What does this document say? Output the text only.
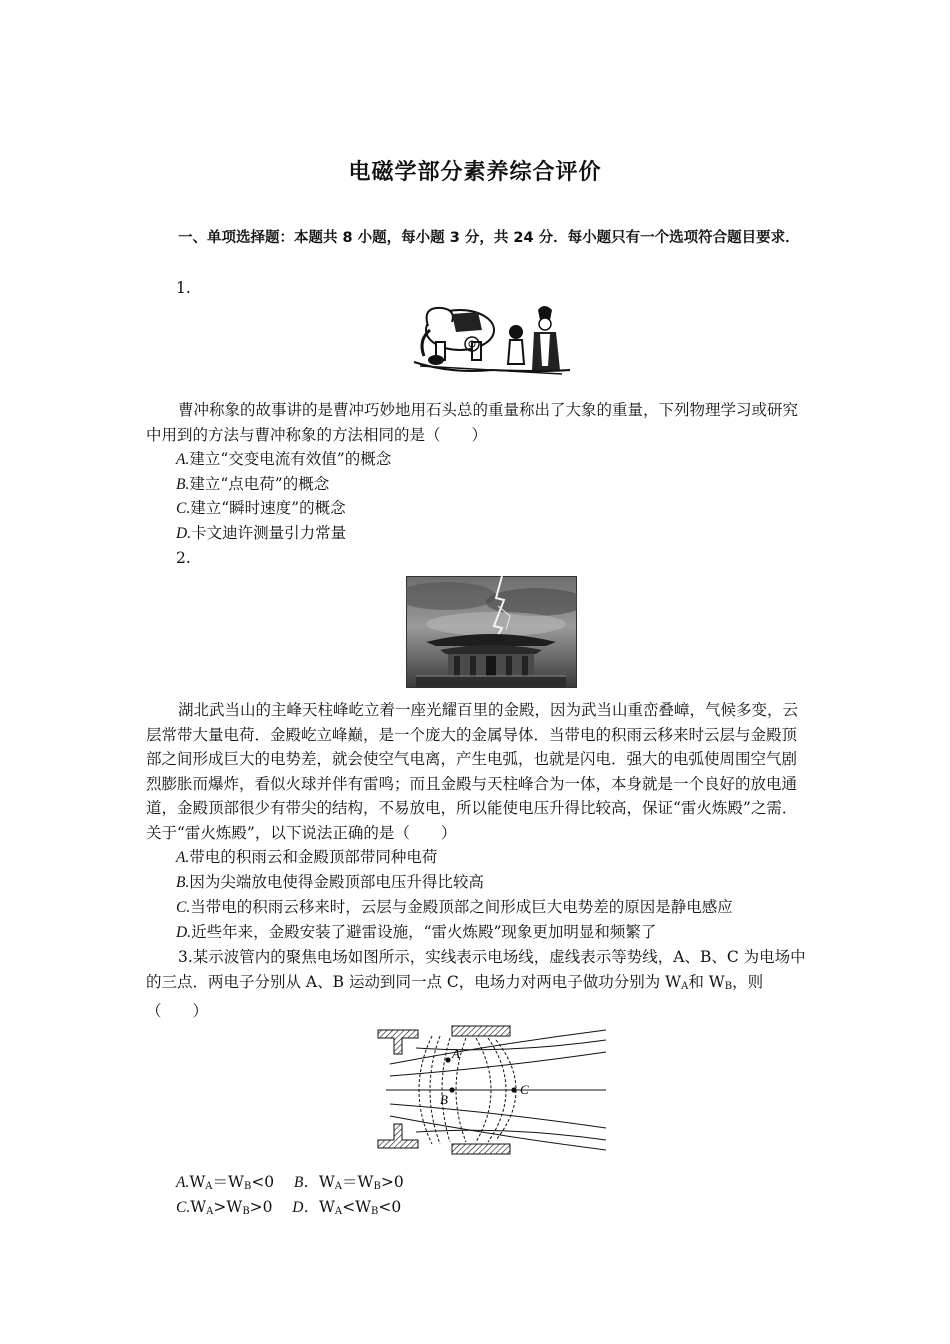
电磁学部分素养综合评价
一、单项选择题：本题共 8 小题，每小题 3 分，共 24 分．每小题只有一个选项符合题目要求．
1.
曹冲称象的故事讲的是曹冲巧妙地用石头总的重量称出了大象的重量，下列物理学习或研究中用到的方法与曹冲称象的方法相同的是（　　）
A.建立“交变电流有效值”的概念
B.建立“点电荷”的概念
C.建立“瞬时速度”的概念
D.卡文迪许测量引力常量
2.
湖北武当山的主峰天柱峰屹立着一座光耀百里的金殿，因为武当山重峦叠嶂，气候多变，云层常带大量电荷．金殿屹立峰巅，是一个庞大的金属导体．当带电的积雨云移来时云层与金殿顶部之间形成巨大的电势差，就会使空气电离，产生电弧，也就是闪电．强大的电弧使周围空气剧烈膨胀而爆炸，看似火球并伴有雷鸣；而且金殿与天柱峰合为一体，本身就是一个良好的放电通道，金殿顶部很少有带尖的结构，不易放电，所以能使电压升得比较高，保证“雷火炼殿”之需．关于“雷火炼殿”，以下说法正确的是（　　）
A.带电的积雨云和金殿顶部带同种电荷
B.因为尖端放电使得金殿顶部电压升得比较高
C.当带电的积雨云移来时，云层与金殿顶部之间形成巨大电势差的原因是静电感应
D.近些年来，金殿安装了避雷设施，“雷火炼殿”现象更加明显和频繁了
3.某示波管内的聚焦电场如图所示，实线表示电场线，虚线表示等势线，A、B、C 为电场中的三点．两电子分别从 A、B 运动到同一点 C，电场力对两电子做功分别为 $W_A$和 $W_B$，则（　　）
A
B
C
$A.W_A=W_B<0$ B．$W_A=W_B>0$
$C.W_A>W_B>0$ D．$W_A<W_B<0$
